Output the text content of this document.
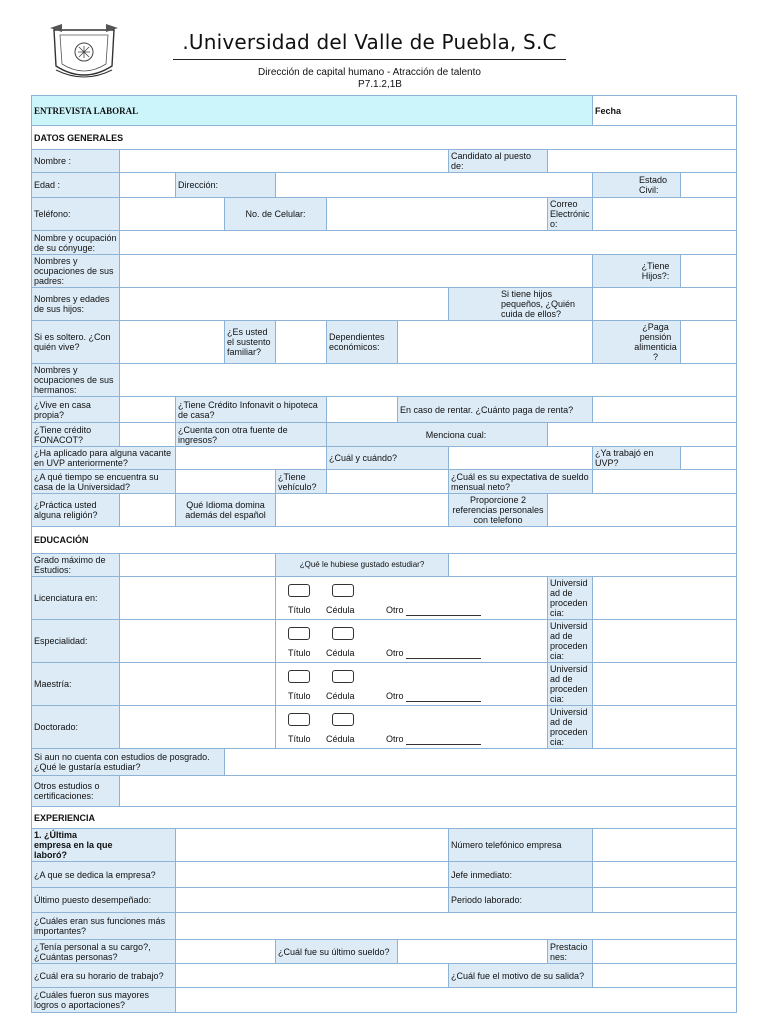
.Universidad del Valle de Puebla, S.C
Dirección de capital humano - Atracción de talento
P7.1.2,1B
ENTREVISTA LABORAL									Fecha	
DATOS GENERALES										
Nombre :							Candidato al puesto de:			
Edad :		Dirección:							Estado Civil:	
Teléfono:			No. de Celular:					Correo Electrónico:		
Nombre y ocupación de su cónyuge:										
Nombres y ocupaciones de sus padres:									¿Tiene Hijos?:	
Nombres y edades de sus hijos:							Si tiene hijos pequeños, ¿Quién cuida de ellos?			
Si es soltero. ¿Con quién vive?			¿Es usted el sustento familiar?		Dependientes económicos:				¿Paga pensión alimenticia?	
Nombres y ocupaciones de sus hermanos:										
¿Vive en casa propia?		¿Tiene Crédito Infonavit o hipoteca de casa?				En caso de rentar. ¿Cuánto paga de renta?				
¿Tiene crédito FONACOT?		¿Cuenta con otra fuente de ingresos?			Menciona cual:					
¿Ha aplicado para alguna vacante en UVP anteriormente?					¿Cuál y cuándo?				¿Ya trabajó en UVP?	
¿A qué tiempo se encuentra su casa de la Universidad?				¿Tiene vehículo?			¿Cuál es su expectativa de sueldo mensual neto?			
¿Práctica usted alguna religión?		Qué Idioma domina además del español					Proporcione 2 referencias personales con telefono			
EDUCACIÓN										
Grado máximo de Estudios:				¿Qué le hubiese gustado estudiar?						
Licenciatura en:				Título Cédula Otro				Universidad de procedencia:		
Especialidad:				Título Cédula Otro				Universidad de procedencia:		
Maestría:				Título Cédula Otro				Universidad de procedencia:		
Doctorado:				Título Cédula Otro				Universidad de procedencia:		
Si aun no cuenta con estudios de posgrado. ¿Qué le gustaría estudiar?										
Otros estudios o certificaciones:										
EXPERIENCIA										
1. ¿Última empresa en la que laboró?							Número telefónico empresa			
¿A que se dedica la empresa?							Jefe inmediato:			
Último puesto desempeñado:							Periodo laborado:			
¿Cuáles eran sus funciones más importantes?										
¿Tenía personal a su cargo?, ¿Cuántas personas?				¿Cuál fue su último sueldo?				Prestaciones:		
¿Cuál era su horario de trabajo?							¿Cuál fue el motivo de su salida?			
¿Cuáles fueron sus mayores logros o aportaciones?										
